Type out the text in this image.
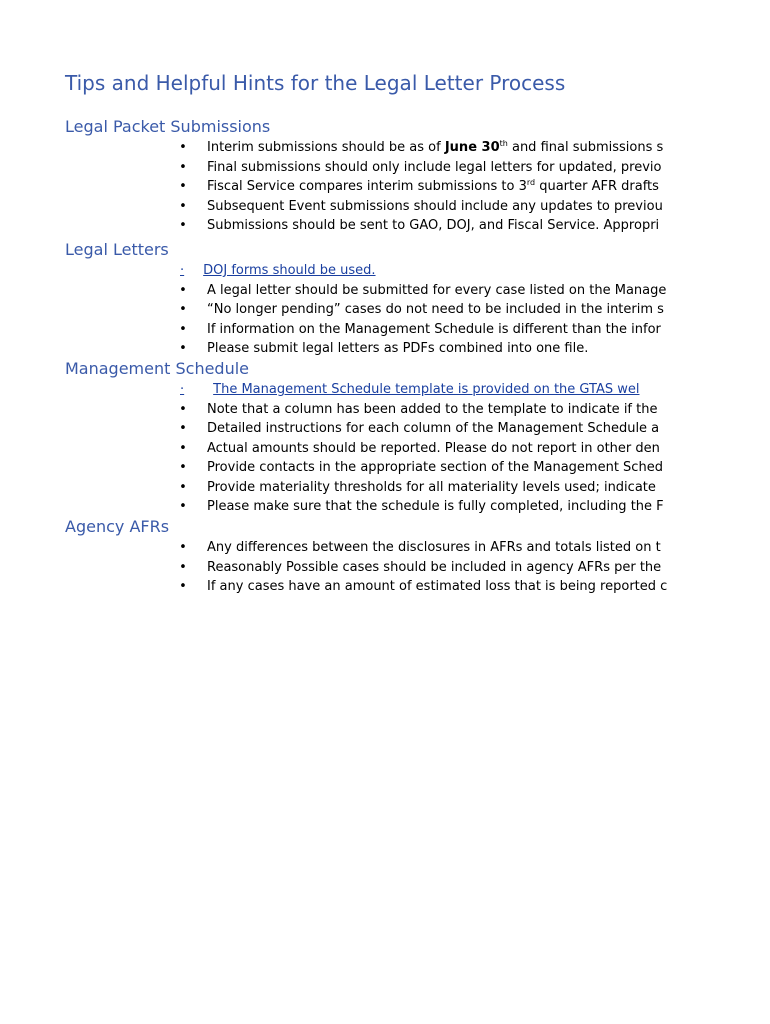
Tips and Helpful Hints for the Legal Letter Process
Legal Packet Submissions
• Interim submissions should be as of June 30th and final submissions s
• Final submissions should only include legal letters for updated, previo
• Fiscal Service compares interim submissions to 3rd quarter AFR drafts
• Subsequent Event submissions should include any updates to previou
• Submissions should be sent to GAO, DOJ, and Fiscal Service. Appropri
Legal Letters
· DOJ forms should be used.
• A legal letter should be submitted for every case listed on the Manage
• “No longer pending” cases do not need to be included in the interim s
• If information on the Management Schedule is different than the infor
• Please submit legal letters as PDFs combined into one file.
Management Schedule
· The Management Schedule template is provided on the GTAS wel
• Note that a column has been added to the template to indicate if the
• Detailed instructions for each column of the Management Schedule a
• Actual amounts should be reported. Please do not report in other den
• Provide contacts in the appropriate section of the Management Sched
• Provide materiality thresholds for all materiality levels used; indicate
• Please make sure that the schedule is fully completed, including the F
Agency AFRs
• Any differences between the disclosures in AFRs and totals listed on t
• Reasonably Possible cases should be included in agency AFRs per the
• If any cases have an amount of estimated loss that is being reported c
